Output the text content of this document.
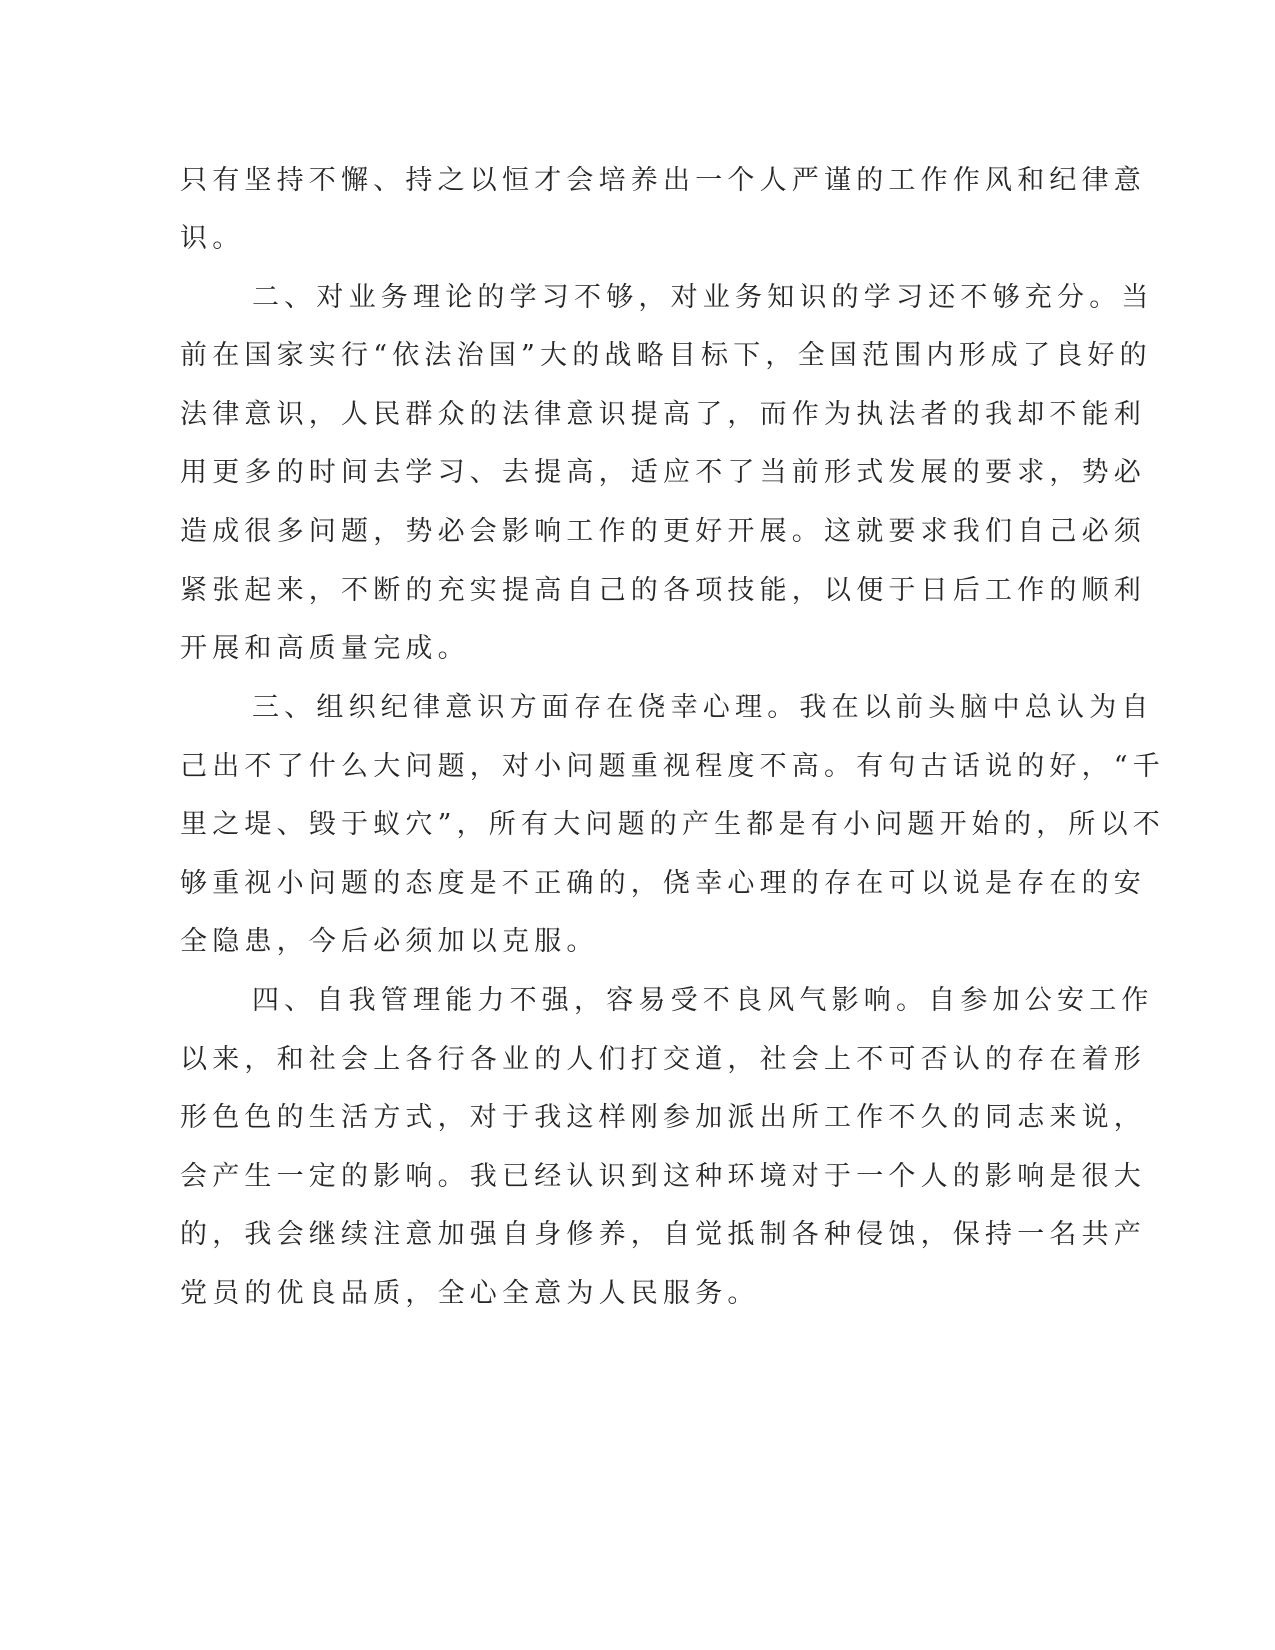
只有坚持不懈、持之以恒才会培养出一个人严谨的工作作风和纪律意

识。

二、对业务理论的学习不够，对业务知识的学习还不够充分。当

前在国家实行“依法治国”大的战略目标下，全国范围内形成了良好的

法律意识，人民群众的法律意识提高了，而作为执法者的我却不能利

用更多的时间去学习、去提高，适应不了当前形式发展的要求，势必

造成很多问题，势必会影响工作的更好开展。这就要求我们自己必须

紧张起来，不断的充实提高自己的各项技能，以便于日后工作的顺利

开展和高质量完成。

三、组织纪律意识方面存在侥幸心理。我在以前头脑中总认为自

己出不了什么大问题，对小问题重视程度不高。有句古话说的好，“千

里之堤、毁于蚁穴”，所有大问题的产生都是有小问题开始的，所以不

够重视小问题的态度是不正确的，侥幸心理的存在可以说是存在的安

全隐患，今后必须加以克服。

四、自我管理能力不强，容易受不良风气影响。自参加公安工作

以来，和社会上各行各业的人们打交道，社会上不可否认的存在着形

形色色的生活方式，对于我这样刚参加派出所工作不久的同志来说，

会产生一定的影响。我已经认识到这种环境对于一个人的影响是很大

的，我会继续注意加强自身修养，自觉抵制各种侵蚀，保持一名共产

党员的优良品质，全心全意为人民服务。
